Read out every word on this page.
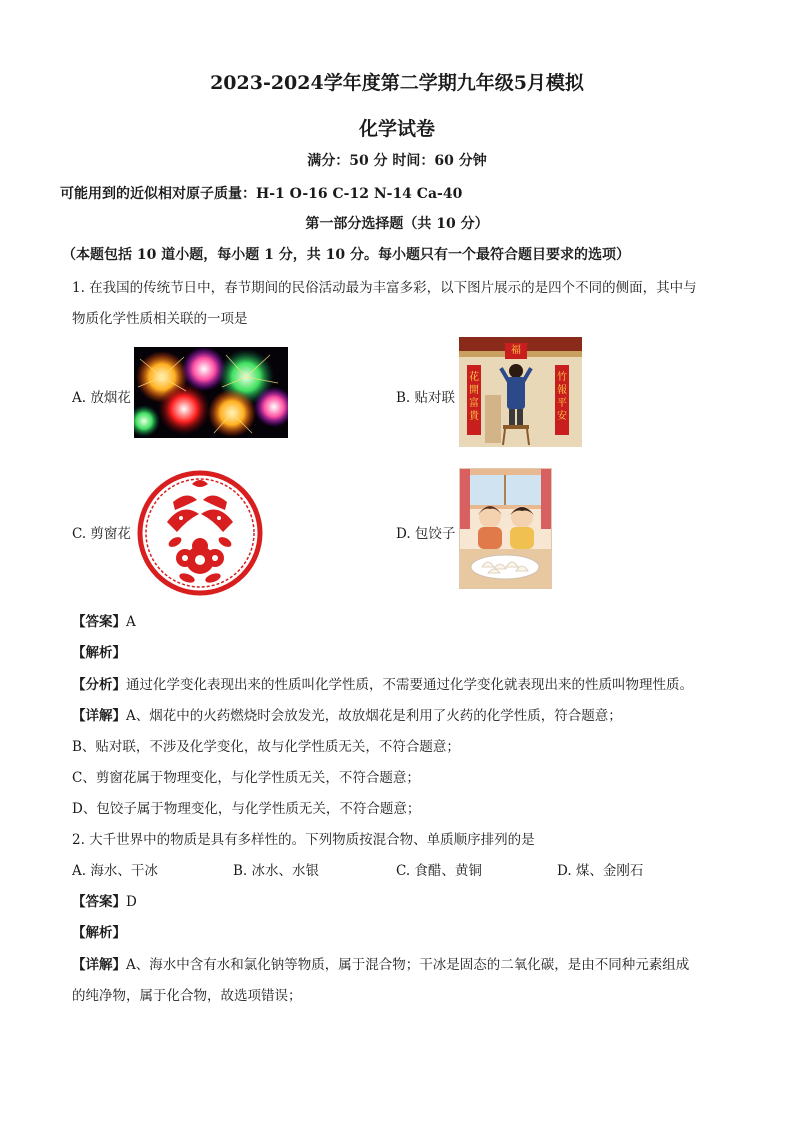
2023-2024学年度第二学期九年级5月模拟
化学试卷
满分：50 分 时间：60 分钟
可能用到的近似相对原子质量：H-1 O-16 C-12 N-14 Ca-40
第一部分选择题（共 10 分）
（本题包括 10 道小题，每小题 1 分，共 10 分。每小题只有一个最符合题目要求的选项）
1. 在我国的传统节日中，春节期间的民俗活动最为丰富多彩，以下图片展示的是四个不同的侧面，其中与
物质化学性质相关联的一项是
A. 放烟花	B. 贴对联
花開富貴
竹報平安
福
C. 剪窗花	D. 包饺子
【答案】A
【解析】
【分析】通过化学变化表现出来的性质叫化学性质，不需要通过化学变化就表现出来的性质叫物理性质。
【详解】A、烟花中的火药燃烧时会放发光，故放烟花是利用了火药的化学性质，符合题意；
B、贴对联，不涉及化学变化，故与化学性质无关，不符合题意；
C、剪窗花属于物理变化，与化学性质无关，不符合题意；
D、包饺子属于物理变化，与化学性质无关，不符合题意；
2. 大千世界中的物质是具有多样性的。下列物质按混合物、单质顺序排列的是
A. 海水、干冰	B. 冰水、水银	C. 食醋、黄铜	D. 煤、金刚石
【答案】D
【解析】
【详解】A、海水中含有水和氯化钠等物质，属于混合物；干冰是固态的二氧化碳，是由不同种元素组成
的纯净物，属于化合物，故选项错误；
